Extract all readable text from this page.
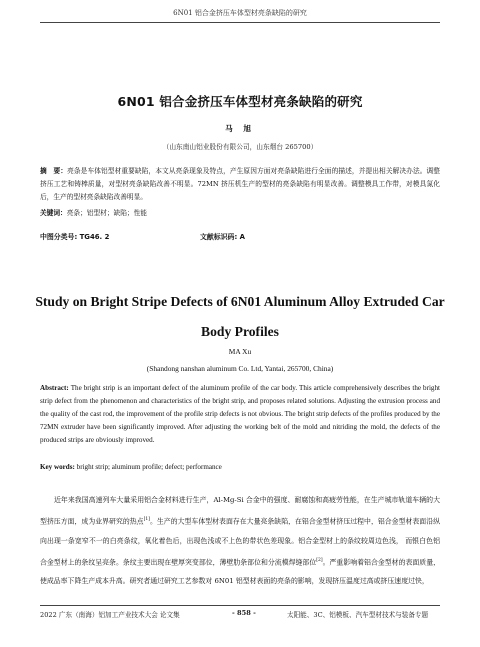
6N01 铝合金挤压车体型材亮条缺陷的研究
6N01 铝合金挤压车体型材亮条缺陷的研究
马 旭
（山东南山铝业股份有限公司，山东烟台 265700）
摘　要：亮条是车体铝型材重要缺陷，本文从亮条现象及特点，产生原因方面对亮条缺陷进行全面的描述，并提出相关解决办法。调整挤压工艺和铸棒质量，对型材亮条缺陷改善不明显。72MN 挤压机生产的型材的亮条缺陷有明显改善。调整模具工作带，对模具氮化后，生产的型材亮条缺陷改善明显。
关键词：亮条；铝型材；缺陷；性能
中图分类号: TG46. 2	文献标识码: A
Study on Bright Stripe Defects of 6N01 Aluminum Alloy Extruded Car Body Profiles
MA Xu
(Shandong nanshan aluminum Co. Ltd, Yantai, 265700, China)
Abstract: The bright strip is an important defect of the aluminum profile of the car body. This article comprehensively describes the bright strip defect from the phenomenon and characteristics of the bright strip, and proposes related solutions. Adjusting the extrusion process and the quality of the cast rod, the improvement of the profile strip defects is not obvious. The bright strip defects of the profiles produced by the 72MN extruder have been significantly improved. After adjusting the working belt of the mold and nitriding the mold, the defects of the produced strips are obviously improved.
Key words: bright strip; aluminum profile; defect; performance
近年来我国高速列车大量采用铝合金材料进行生产，Al-Mg-Si 合金中的强度、耐腐蚀和高疲劳性能，在生产城市轨道车辆的大型挤压方面，成为业界研究的热点[1]。生产的大型车体型材表面存在大量亮条缺陷，在铝合金型材挤压过程中，铝合金型材表面沿纵向出现一条宽窄不一的白亮条纹，氧化着色后，出现色浅或不上色的带状色差现象。铝合金型材上的条纹较周边色浅， 而银白色铝合金型材上的条纹呈亮条。条纹主要出现在壁厚突变部位，薄壁肋条部位和分流模焊缝部位[2]。严重影响着铝合金型材的表面质量，使成品率下降生产成本升高。研究者通过研究工艺参数对 6N01 铝型材表面的亮条的影响，发现挤压温度过高或挤压速度过快，
2022 广东（南海）铝加工产业技术大会 论文集	- 858 -	太阳能、3C、铝模板、汽车型材技术与装备专题
